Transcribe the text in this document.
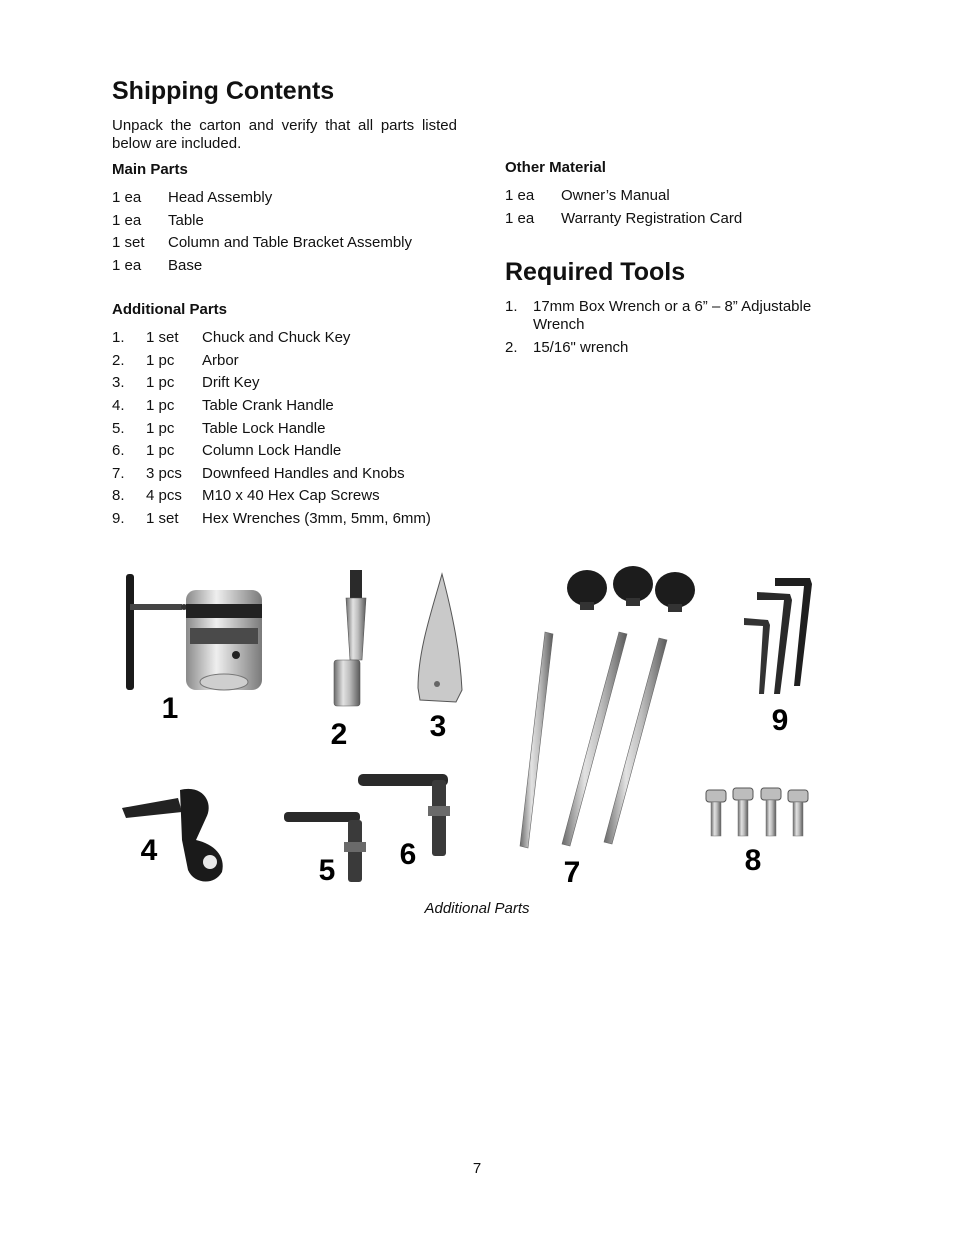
Shipping Contents
Unpack the carton and verify that all parts listed below are included.
Main Parts
1 ea Head Assembly
1 ea Table
1 set Column and Table Bracket Assembly
1 ea Base
Additional Parts
1. 1 set Chuck and Chuck Key
2. 1 pc Arbor
3. 1 pc Drift Key
4. 1 pc Table Crank Handle
5. 1 pc Table Lock Handle
6. 1 pc Column Lock Handle
7. 3 pcs Downfeed Handles and Knobs
8. 4 pcs M10 x 40 Hex Cap Screws
9. 1 set Hex Wrenches (3mm, 5mm, 6mm)
Other Material
1 ea Owner’s Manual
1 ea Warranty Registration Card
Required Tools
1. 17mm Box Wrench or a 6” – 8” Adjustable
Wrench
2. 15/16" wrench
1
2	3
4
5 6
7	8
9
Additional Parts
7
